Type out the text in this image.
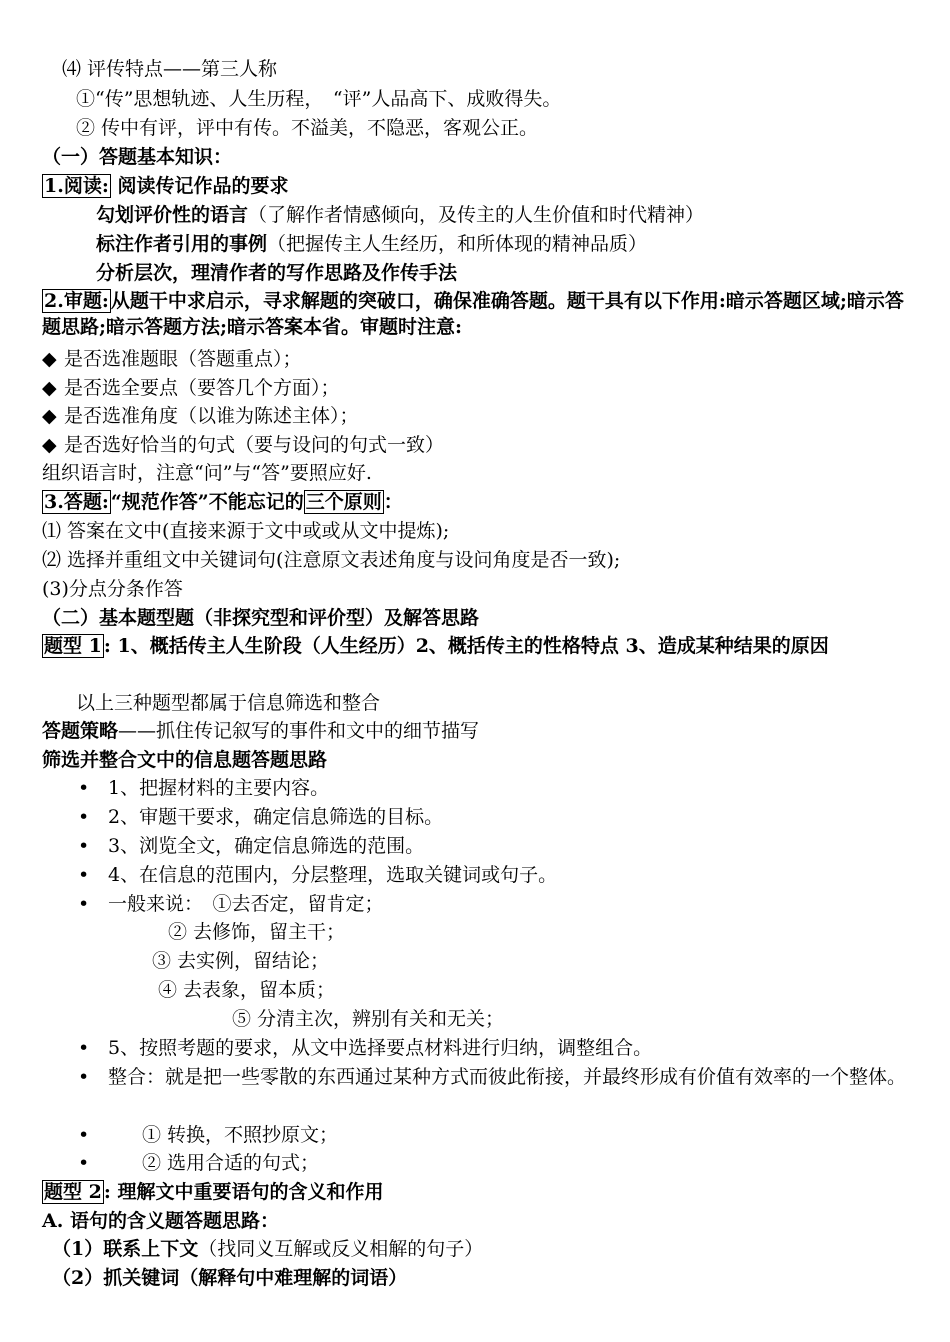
⑷ 评传特点——第三人称
①“传”思想轨迹、人生历程，　“评”人品高下、成败得失。
② 传中有评，评中有传。不溢美，不隐恶，客观公正。
（一）答题基本知识：
1.阅读: 阅读传记作品的要求
勾划评价性的语言（了解作者情感倾向，及传主的人生价值和时代精神）
标注作者引用的事例（把握传主人生经历，和所体现的精神品质）
分析层次，理清作者的写作思路及作传手法
2.审题: 从题干中求启示，寻求解题的突破口，确保准确答题。题干具有以下作用:暗示答题区域;暗示答题思路;暗示答题方法;暗示答案本省。审题时注意:
◆ 是否选准题眼（答题重点）；
◆ 是否选全要点（要答几个方面）；
◆ 是否选准角度（以谁为陈述主体）；
◆ 是否选好恰当的句式（要与设问的句式一致）
组织语言时，注意“问”与“答”要照应好.
3.答题: “规范作答”不能忘记的 三个原则 ：
⑴ 答案在文中(直接来源于文中或或从文中提炼);
⑵ 选择并重组文中关键词句(注意原文表述角度与设问角度是否一致);
(3)分点分条作答
（二）基本题型题（非探究型和评价型）及解答思路
题型 1 : 1、概括传主人生阶段（人生经历）2、概括传主的性格特点 3、造成某种结果的原因
以上三种题型都属于信息筛选和整合
答题策略——抓住传记叙写的事件和文中的细节描写
筛选并整合文中的信息题答题思路
• 1、把握材料的主要内容。
• 2、审题干要求，确定信息筛选的目标。
• 3、浏览全文，确定信息筛选的范围。
• 4、在信息的范围内，分层整理，选取关键词或句子。
• 一般来说：　①去否定，留肯定；
② 去修饰，留主干；
③ 去实例，留结论；
④ 去表象，留本质；
⑤ 分清主次，辨别有关和无关；
• 5、按照考题的要求，从文中选择要点材料进行归纳，调整组合。
• 整合：就是把一些零散的东西通过某种方式而彼此衔接，并最终形成有价值有效率的一个整体。
•	① 转换，不照抄原文；
•	② 选用合适的句式；
题型 2 : 理解文中重要语句的含义和作用
A. 语句的含义题答题思路：
（1）联系上下文（找同义互解或反义相解的句子）
（2）抓关键词（解释句中难理解的词语）
